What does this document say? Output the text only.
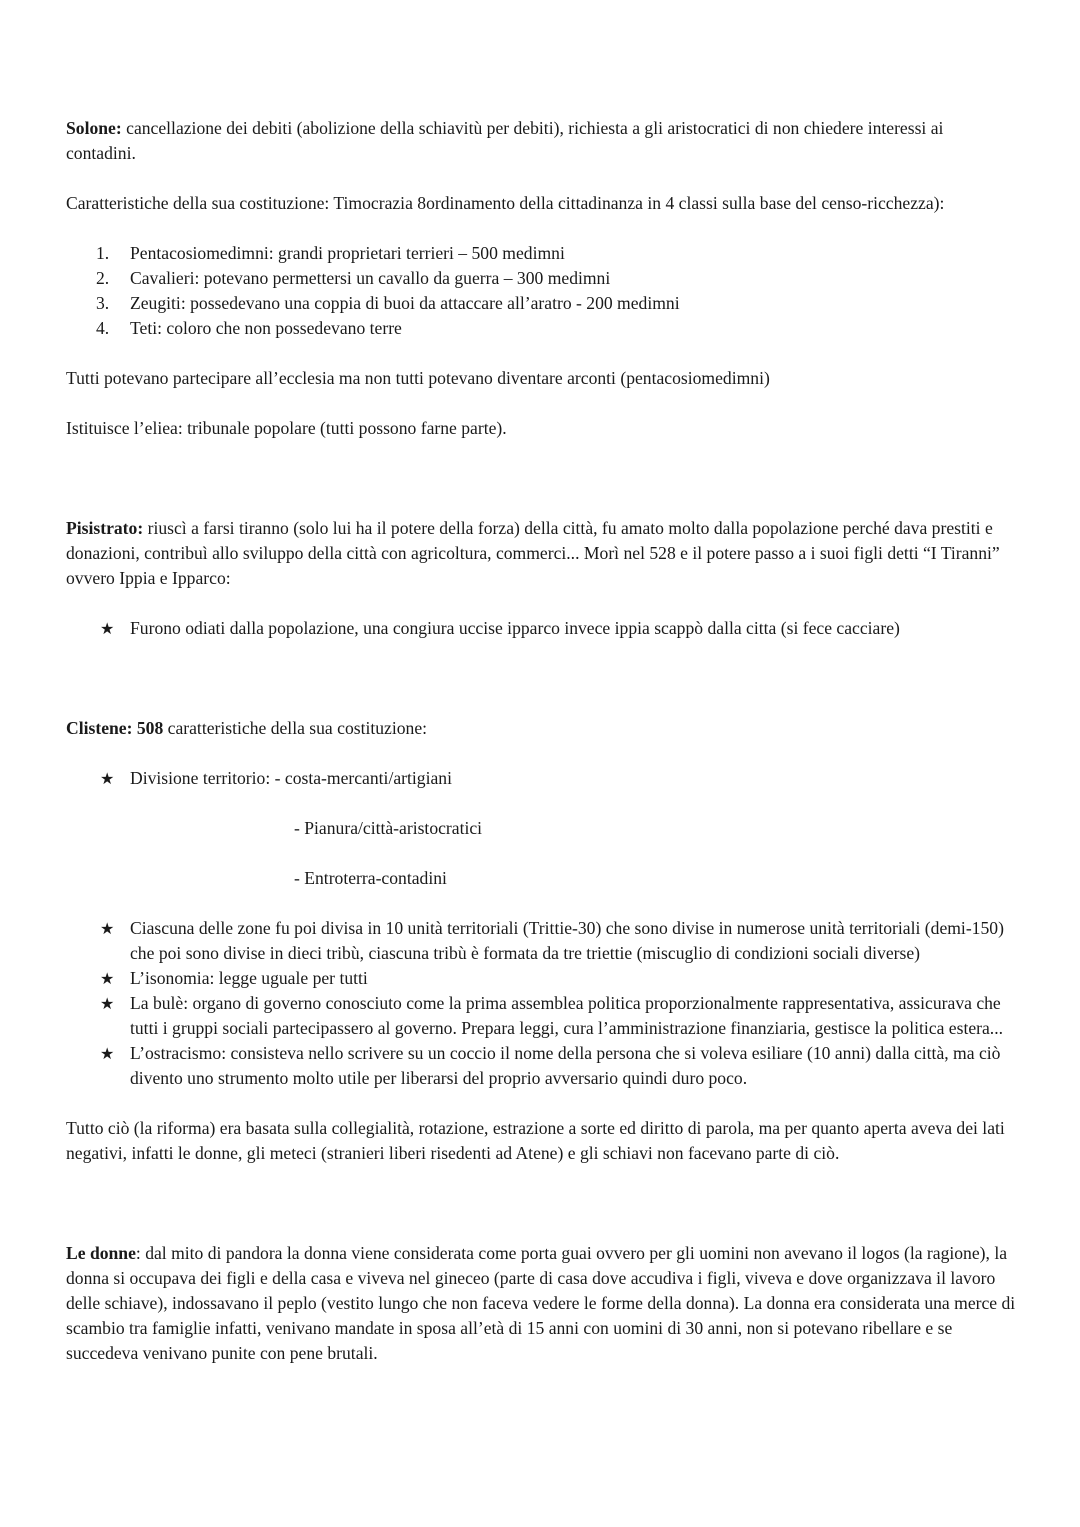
Solone: cancellazione dei debiti (abolizione della schiavitù per debiti), richiesta a gli aristocratici di non chiedere interessi ai contadini.

Caratteristiche della sua costituzione: Timocrazia 8ordinamento della cittadinanza in 4 classi sulla base del censo-ricchezza):

1.	Pentacosiomedimni: grandi proprietari terrieri – 500 medimni
2.	Cavalieri: potevano permettersi un cavallo da guerra – 300 medimni
3.	Zeugiti: possedevano una coppia di buoi da attaccare all’aratro - 200 medimni
4.	Teti: coloro che non possedevano terre

Tutti potevano partecipare all’ecclesia ma non tutti potevano diventare arconti (pentacosiomedimni)

Istituisce l’eliea: tribunale popolare (tutti possono farne parte).

Pisistrato: riuscì a farsi tiranno (solo lui ha il potere della forza) della città, fu amato molto dalla popolazione perché dava prestiti e donazioni, contribuì allo sviluppo della città con agricoltura, commerci... Morì nel 528 e il potere passo a i suoi figli detti “I Tiranni” ovvero Ippia e Ipparco:

★ Furono odiati dalla popolazione, una congiura uccise ipparco invece ippia scappò dalla citta (si fece cacciare)

Clistene: 508 caratteristiche della sua costituzione:

★ Divisione territorio: - costa-mercanti/artigiani

- Pianura/città-aristocratici

- Entroterra-contadini

★ Ciascuna delle zone fu poi divisa in 10 unità territoriali (Trittie-30) che sono divise in numerose unità territoriali (demi-150) che poi sono divise in dieci tribù, ciascuna tribù è formata da tre triettie (miscuglio di condizioni sociali diverse)
★ L’isonomia: legge uguale per tutti
★ La bulè: organo di governo conosciuto come la prima assemblea politica proporzionalmente rappresentativa, assicurava che tutti i gruppi sociali partecipassero al governo. Prepara leggi, cura l’amministrazione finanziaria, gestisce la politica estera...
★ L’ostracismo: consisteva nello scrivere su un coccio il nome della persona che si voleva esiliare (10 anni) dalla città, ma ciò divento uno strumento molto utile per liberarsi del proprio avversario quindi duro poco.

Tutto ciò (la riforma) era basata sulla collegialità, rotazione, estrazione a sorte ed diritto di parola, ma per quanto aperta aveva dei lati negativi, infatti le donne, gli meteci (stranieri liberi risedenti ad Atene) e gli schiavi non facevano parte di ciò.

Le donne: dal mito di pandora la donna viene considerata come porta guai ovvero per gli uomini non avevano il logos (la ragione), la donna si occupava dei figli e della casa e viveva nel gineceo (parte di casa dove accudiva i figli, viveva e dove organizzava il lavoro delle schiave), indossavano il peplo (vestito lungo che non faceva vedere le forme della donna). La donna era considerata una merce di scambio tra famiglie infatti, venivano mandate in sposa all’età di 15 anni con uomini di 30 anni, non si potevano ribellare e se succedeva venivano punite con pene brutali.
